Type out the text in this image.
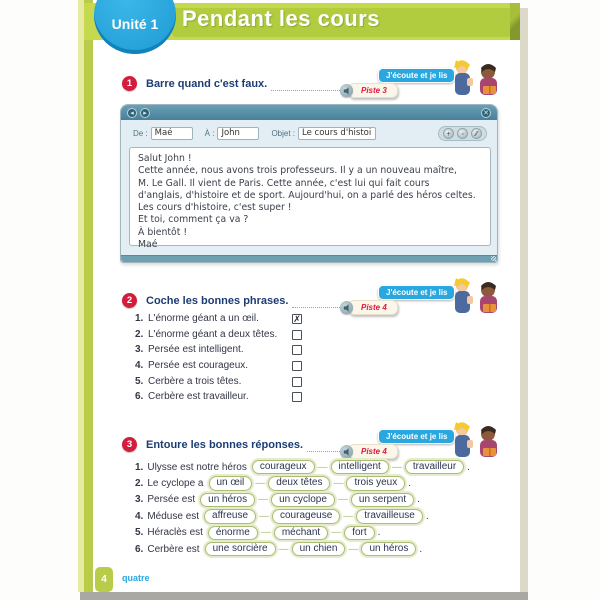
Pendant les cours
Unité 1
1	Barre quand c'est faux.
J'écoute et je lis
Piste 3
◂	▸	✕
De :
Maé	À :
John	Objet :
Le cours d'histoire	+	◦	⁄⁄
Salut John !
Cette année, nous avons trois professeurs. Il y a un nouveau maître,
M. Le Gall. Il vient de Paris. Cette année, c'est lui qui fait cours
d'anglais, d'histoire et de sport. Aujourd'hui, on a parlé des héros celtes.
Les cours d'histoire, c'est super !
Et toi, comment ça va ?
À bientôt !
Maé
2	Coche les bonnes phrases.
J'écoute et je lis
Piste 4
1. L'énorme géant a un œil.	✗
2. L'énorme géant a deux têtes.
3. Persée est intelligent.
4. Persée est courageux.
5. Cerbère a trois têtes.
6. Cerbère est travailleur.
3	Entoure les bonnes réponses.
J'écoute et je lis
Piste 4
1. Ulysse est notre héros	courageux	—	intelligent	—	travailleur	.
2. Le cyclope a	un œil	—	deux têtes	—	trois yeux	.
3. Persée est	un héros	—	un cyclope	—	un serpent	.
4. Méduse est	affreuse	—	courageuse	—	travailleuse	.
5. Héraclès est	énorme	—	méchant	—	fort	.
6. Cerbère est	une sorcière	—	un chien	—	un héros	.
4	quatre
